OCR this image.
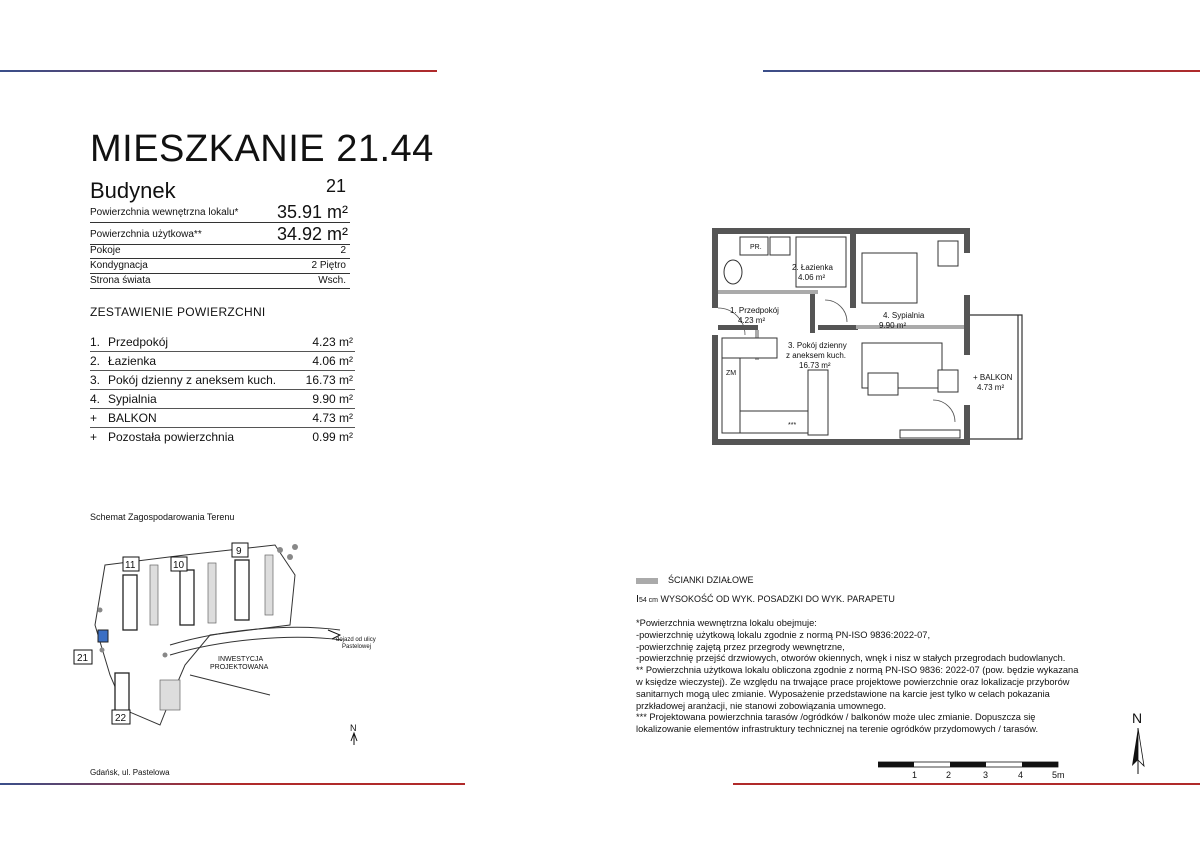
MIESZKANIE 21.44
Budynek	21
Powierzchnia wewnętrzna lokalu* 35.91 m²
Powierzchnia użytkowa**	34.92 m²
Pokoje	2
Kondygnacja	2 Piętro
Strona świata	Wsch.
ZESTAWIENIE POWIERZCHNI
1. Przedpokój	4.23 m²
2. Łazienka	4.06 m²
3. Pokój dzienny z aneksem kuch. 16.73 m²
4. Sypialnia	9.90 m²
+ BALKON	4.73 m²
+ Pozostała powierzchnia	0.99 m²
Schemat Zagospodarowania Terenu
11	10
9
21
22
INWESTYCJA
PROJEKTOWANA
dojazd od ulicy
Pastelowej
N
Gdańsk, ul. Pastelowa
PR.
ZM
***
2. Łazienka
4.06 m²
1. Przedpokój
4.23 m²
4. Sypialnia
9.90 m²
3. Pokój dzienny
z aneksem kuch.
16.73 m²
+ BALKON
4.73 m²
ŚCIANKI DZIAŁOWE
Ⅰ54 cm WYSOKOŚĆ OD WYK. POSADZKI DO WYK. PARAPETU
*Powierzchnia wewnętrzna lokalu obejmuje:
-powierzchnię użytkową lokalu zgodnie z normą PN-ISO 9836:2022-07,
-powierzchnię zajętą przez przegrody wewnętrzne,
-powierzchnię przejść drzwiowych, otworów okiennych, wnęk i nisz w stałych przegrodach budowlanych.
** Powierzchnia użytkowa lokalu obliczona zgodnie z normą PN-ISO 9836: 2022-07 (pow. będzie wykazana
w księdze wieczystej). Ze względu na trwające prace projektowe powierzchnie oraz lokalizacje przyborów
sanitarnych mogą ulec zmianie. Wyposażenie przedstawione na karcie jest tylko w celach pokazania
przkładowej aranżacji, nie stanowi zobowiązania umownego.
*** Projektowana powierzchnia tarasów /ogródków / balkonów może ulec zmianie. Dopuszcza się
lokalizowanie elementów infrastruktury technicznej na terenie ogródków przydomowych / tarasów.
1	2	3	4	5m
N
